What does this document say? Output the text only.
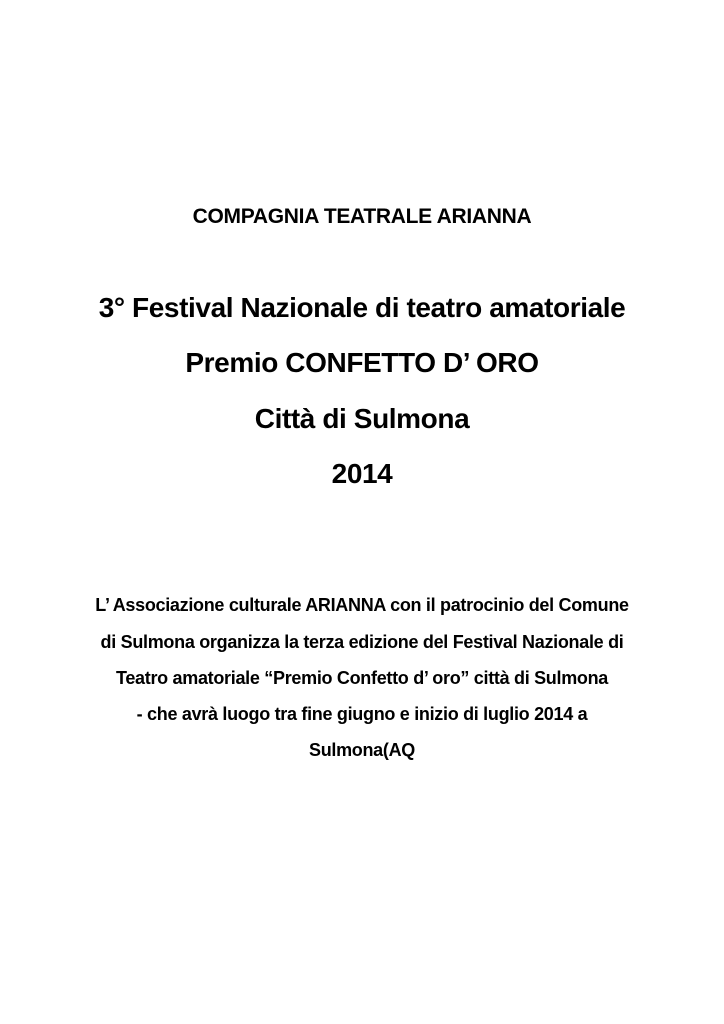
COMPAGNIA TEATRALE ARIANNA
3° Festival Nazionale di teatro amatoriale
Premio CONFETTO D’ ORO
Città di Sulmona
2014
L’ Associazione culturale ARIANNA con il patrocinio del Comune
di Sulmona organizza la terza edizione del Festival Nazionale di
Teatro amatoriale “Premio Confetto d’ oro” città di Sulmona
- che avrà luogo tra fine giugno e inizio di luglio 2014 a
Sulmona(AQ
